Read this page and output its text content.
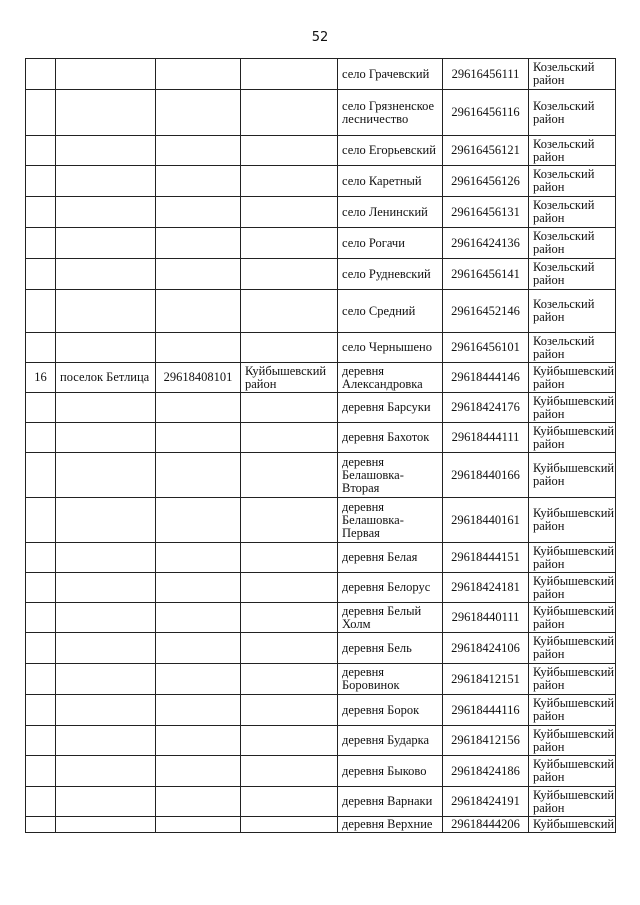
52
				село Грачевский	29616456111	Козельский район
				село Грязненское лесничество	29616456116	Козельский район
				село Егорьевский	29616456121	Козельский район
				село Каретный	29616456126	Козельский район
				село Ленинский	29616456131	Козельский район
				село Рогачи	29616424136	Козельский район
				село Рудневский	29616456141	Козельский район
				село Средний	29616452146	Козельский район
				село Чернышено	29616456101	Козельский район
16	поселок Бетлица	29618408101	Куйбышевский район	деревня Александровка	29618444146	Куйбышевский район
				деревня Барсуки	29618424176	Куйбышевский район
				деревня Бахоток	29618444111	Куйбышевский район
				деревня Белашовка-Вторая	29618440166	Куйбышевский район
				деревня Белашовка-Первая	29618440161	Куйбышевский район
				деревня Белая	29618444151	Куйбышевский район
				деревня Белорус	29618424181	Куйбышевский район
				деревня Белый Холм	29618440111	Куйбышевский район
				деревня Бель	29618424106	Куйбышевский район
				деревня Боровинок	29618412151	Куйбышевский район
				деревня Борок	29618444116	Куйбышевский район
				деревня Бударка	29618412156	Куйбышевский район
				деревня Быково	29618424186	Куйбышевский район
				деревня Варнаки	29618424191	Куйбышевский район
				деревня Верхние	29618444206	Куйбышевский
